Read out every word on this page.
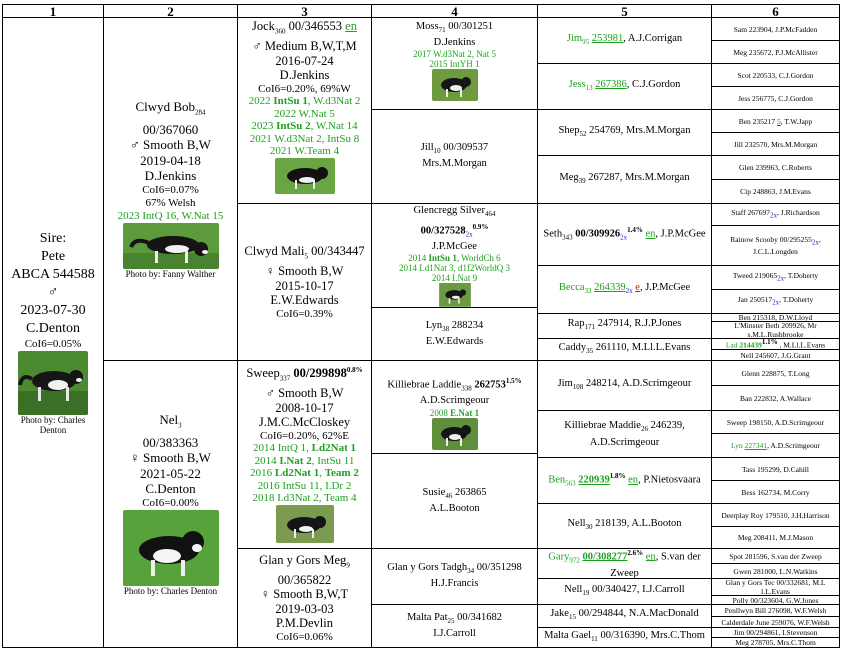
1
Sire:
Pete
ABCA 544588
♂
2023-07-30
C.Denton
CoI6=0.05%
Photo by: Charles Denton
2
Clwyd Bob$_{284}$
00/367060
♂ Smooth B,W
2019-04-18
D.Jenkins
CoI6=0.07%
67% Welsh
2023 IntQ 16, W.Nat 15
Photo by: Fanny Walther
Nel$_3$
00/383363
♀ Smooth B,W
2021-05-22
C.Denton
CoI6=0.00%
Photo by: Charles Denton
3
Jock$_{360}$ 00/346553 en
♂ Medium B,W,T,M
2016-07-24
D.Jenkins
CoI6=0.20%, 69%W
2022 IntSu 1, W.d3Nat 2
2022 W.Nat 5
2023 IntSu 2, W.Nat 14
2021 W.d3Nat 2, IntSu 8
2021 W.Team 4
Clwyd Mali$_5$ 00/343447
♀ Smooth B,W
2015-10-17
E.W.Edwards
CoI6=0.39%
Sweep$_{337}$ $00/299898^{0.8\%}$
♂ Smooth B,W
2008-10-17
J.M.C.McCloskey
CoI6=0.20%, 62%E
2014 IntQ 1, Ld2Nat 1
2014 I.Nat 2, IntSu 11
2016 Ld2Nat 1, Team 2
2016 IntSu 11, I.Dr 2
2018 I.d3Nat 2, Team 4
Glan y Gors Meg$_9$
00/365822
♀ Smooth B,W,T
2019-03-03
P.M.Devlin
CoI6=0.06%
4
Moss$_{71}$ 00/301251
D.Jenkins
2017 W.d3Nat 2, Nat 5
2015 IntYH 1
Jill$_{10}$ 00/309537
Mrs.M.Morgan
Glencregg Silver$_{464}$
$00/327528_{2x}^{0.9\%}$
J.P.McGee
2014 IntSu 1, WorldCh 6
2014 Ld1Nat 3, d1f2WorldQ 3
2014 I.Nat 9
Lyn$_{38}$ 288234
E.W.Edwards
Killiebrae Laddie$_{338}$ $262753^{1.5\%}$
A.D.Scrimgeour
2008 E.Nat 1
Susie$_{46}$ 263865
A.L.Booton
Glan y Gors Tadgh$_{34}$ 00/351298
H.J.Francis
Malta Pat$_{25}$ 00/341682
I.J.Carroll
5
Jim$_{95}$ 253981, A.J.Corrigan
Jess$_{13}$ 267386, C.J.Gordon
Shep$_{52}$ 254769, Mrs.M.Morgan
Meg$_{39}$ 267287, Mrs.M.Morgan
Seth$_{343}$ $00/309926_{2x}^{1.4\%}$ en, J.P.McGee
Becca$_{33}$ $264339_{2x}$ e, J.P.McGee
Rap$_{171}$ 247914, R.J.P.Jones
Caddy$_{35}$ 261110, M.Ll.L.Evans
Jim$_{108}$ 248214, A.D.Scrimgeour
Killiebrae Maddie$_{26}$ 246239, A.D.Scrimgeour
Ben$_{563}$ $220939^{1.8\%}$ en, P.Nietosvaara
Nell$_{30}$ 218139, A.L.Booton
Gary$_{972}$ $00/308277^{2.6\%}$ en, S.van der
Zweep
Nell$_{19}$ 00/340427, I.J.Carroll
Jake$_{15}$ 00/294844, N.A.MacDonald
Malta Gael$_{11}$ 00/316390, Mrs.C.Thom
6
Sam 223904, J.P.McFadden
Meg 235672, P.J.McAllister
Scot 220533, C.J.Gordon
Jess 256775, C.J.Gordon
Ben 235217 5, T.W.Japp
Jill 232570, Mrs.M.Morgan
Glen 239963, C.Roberts
Cip 248863, J.M.Evans
Staff $267697_{2x}$, J.Richardson
Rainow Scooby $00/295255_{2x}$,
J.C.L.Longden
Tweed $219065_{2x}$, T.Doherty
Jan $250517_{2x}$, T.Doherty
Ben 215318, D.W.Lloyd
L'Minster Beth 209926, Mr
s.M.L.Rushbrooke
Lad $214439^{1.1\%}$ , M.Ll.L.Evans
Nell 245607, J.G.Grant
Glenn 228875, T.Long
Ban 222832, A.Wallace
Sweep 198150, A.D.Scrimgeour
Lyn 227341, A.D.Scrimgeour
Tass 195299, D.Cahill
Bess 162734, M.Corry
Deerplay Roy 179510, J.H.Harrison
Meg 208411, M.J.Mason
Spot 281596, S.van der Zweep
Gwen 281000, L.N.Watkins
Glan y Gors Tec 00/332681, M.L
l.L.Evans
Polly 00/323604, G.W.Jones
Penllwyn Bill 276098, W.F.Welsh
Calderdale June 259076, W.F.Welsh
Jim 00/294861, I.Stevenson
Meg 278705, Mrs.C.Thom
